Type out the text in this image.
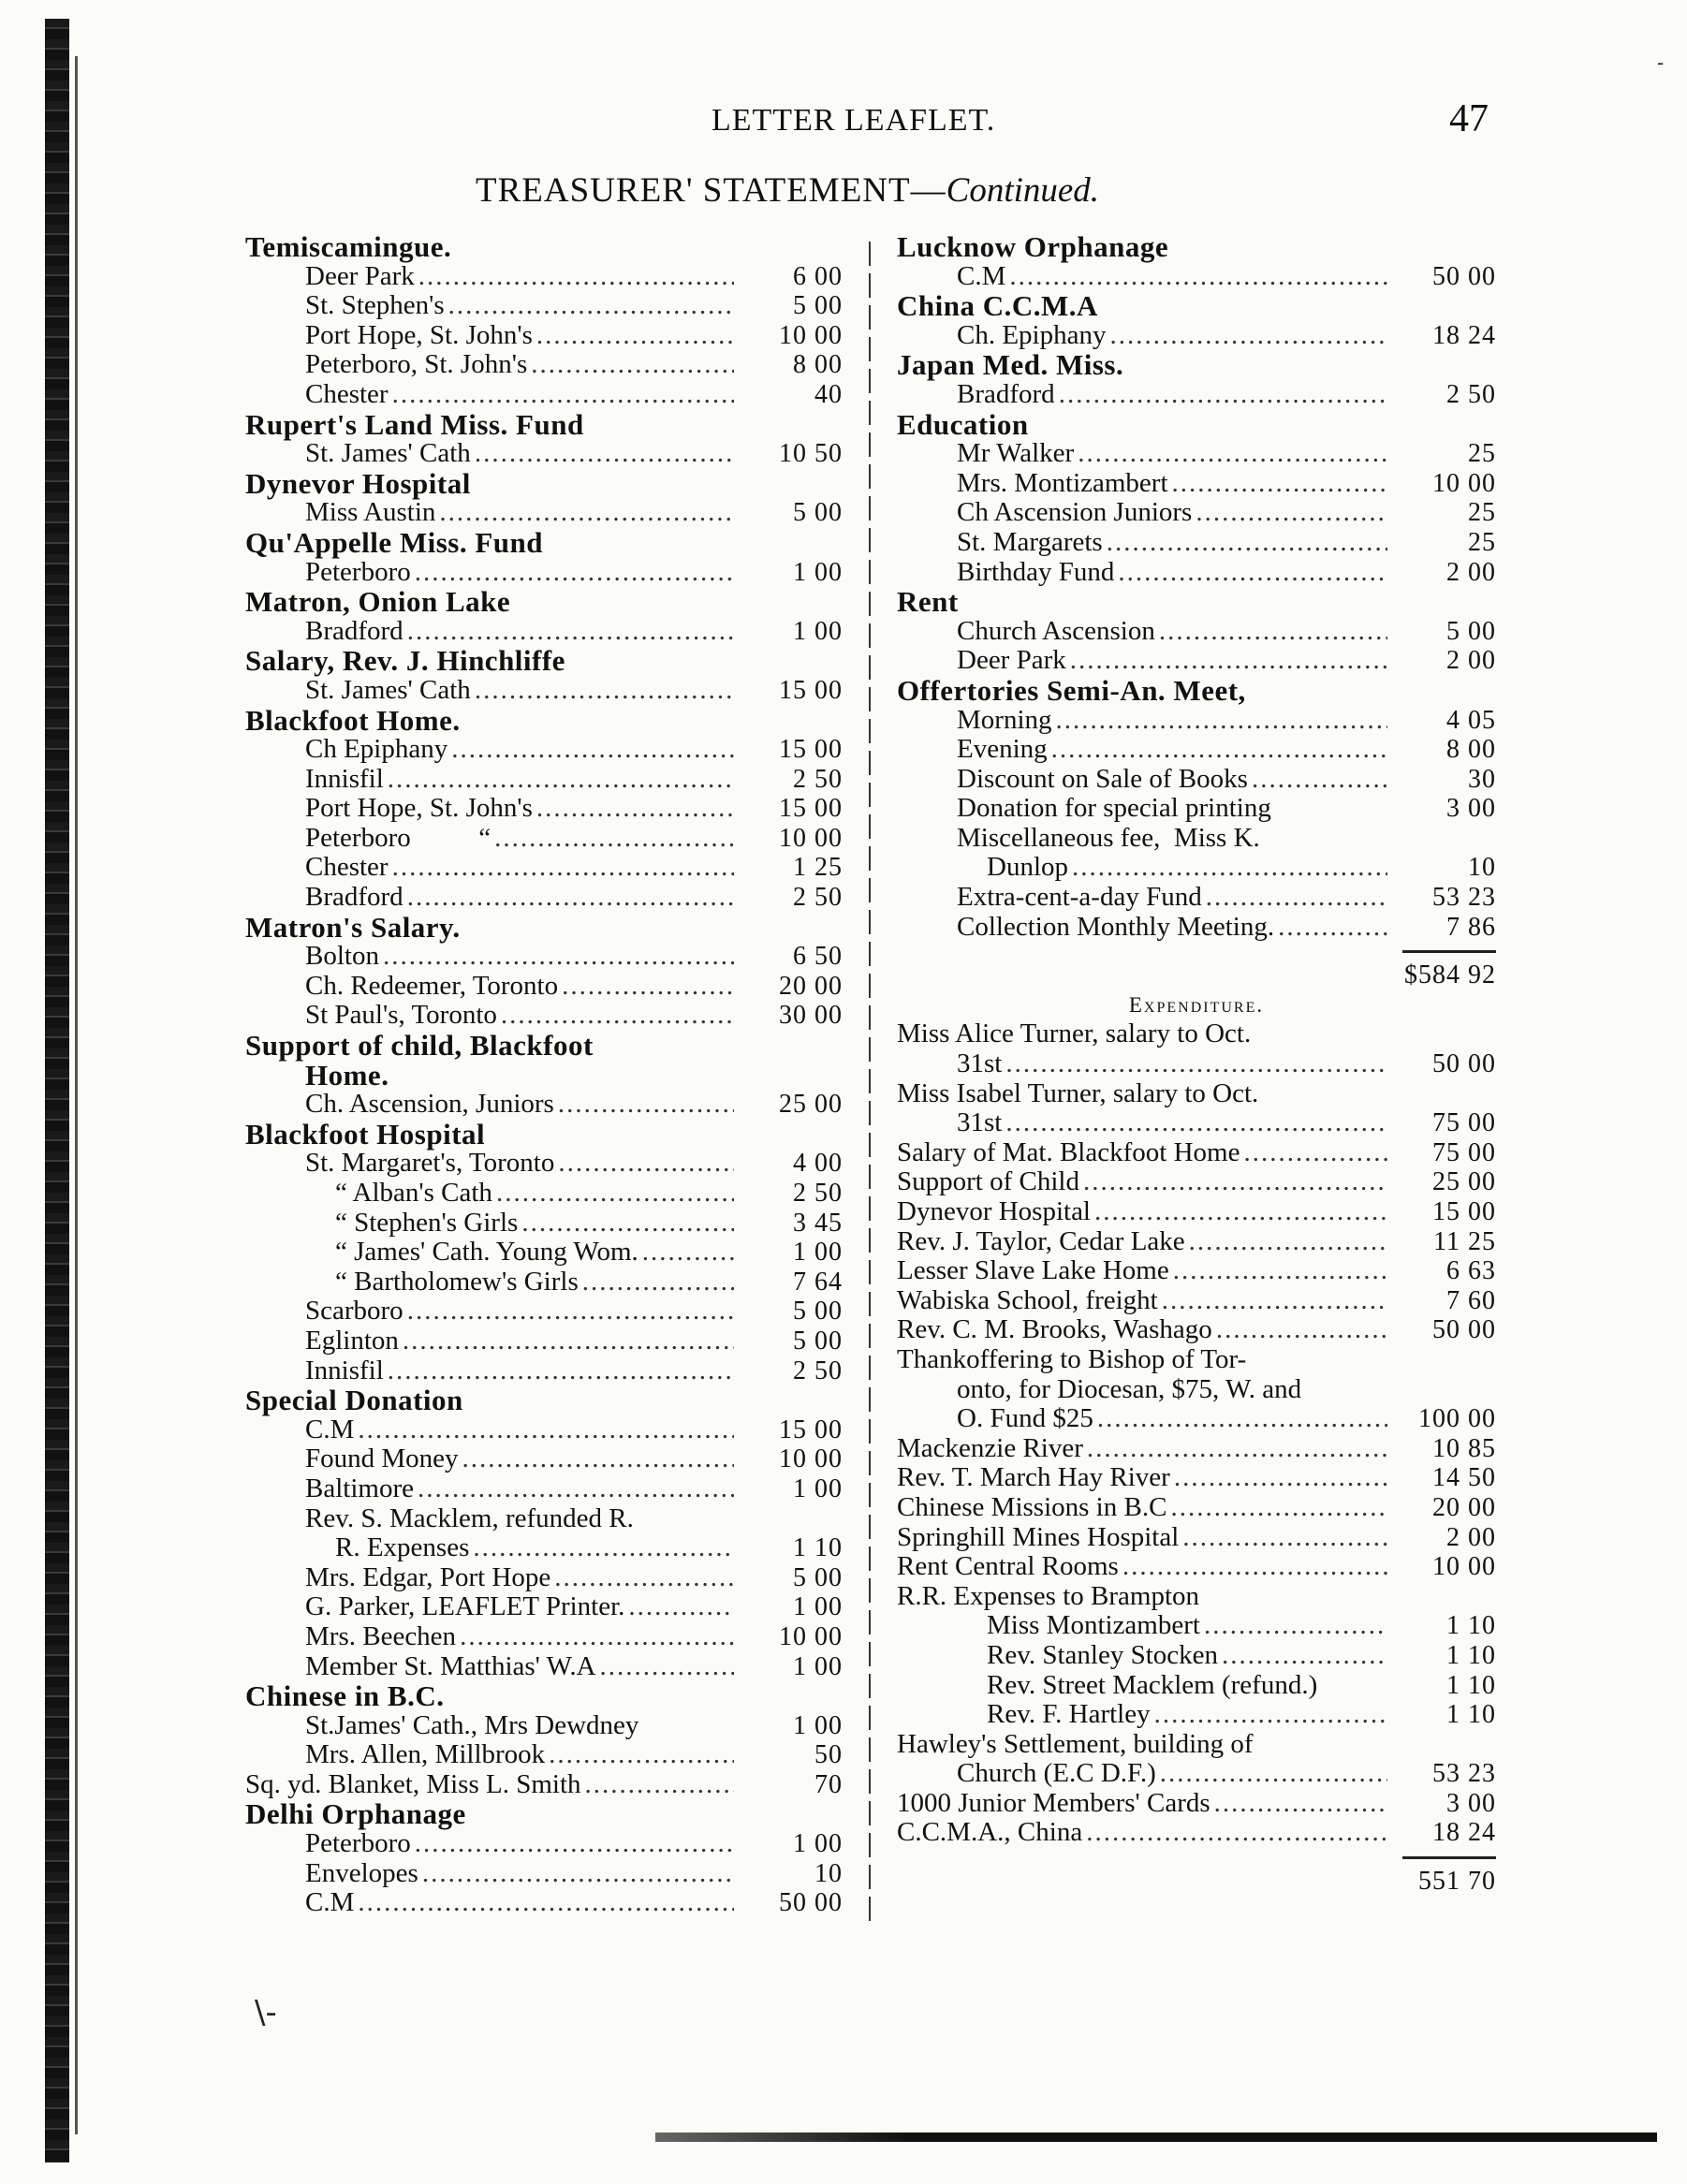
-
\-
LETTER LEAFLET.	47
TREASURER' STATEMENT—Continued.
Temiscamingue.
Deer Park .....	6 00
St. Stephen's .....	5 00
Port Hope, St. John's .....	10 00
Peterboro, St. John's .....	8 00
Chester .....	40
Rupert's Land Miss. Fund
St. James' Cath .....	10 50
Dynevor Hospital
Miss Austin .....	5 00
Qu'Appelle Miss. Fund
Peterboro .....	1 00
Matron, Onion Lake
Bradford .....	1 00
Salary, Rev. J. Hinchliffe
St. James' Cath .....	15 00
Blackfoot Home.
Ch Epiphany .....	15 00
Innisfil .....	2 50
Port Hope, St. John's .....	15 00
Peterboro          “ .....	10 00
Chester .....	1 25
Bradford .....	2 50
Matron's Salary.
Bolton .....	6 50
Ch. Redeemer, Toronto .....	20 00
St Paul's, Toronto .....	30 00
Support of child, Blackfoot
Home.
Ch. Ascension, Juniors .....	25 00
Blackfoot Hospital
St. Margaret's, Toronto .....	4 00
“ Alban's Cath .....	2 50
“ Stephen's Girls .....	3 45
“ James' Cath. Young Wom. .....	1 00
“ Bartholomew's Girls .....	7 64
Scarboro .....	5 00
Eglinton .....	5 00
Innisfil .....	2 50
Special Donation
C.M .....	15 00
Found Money .....	10 00
Baltimore .....	1 00
Rev. S. Macklem, refunded R.
R. Expenses .....	1 10
Mrs. Edgar, Port Hope .....	5 00
G. Parker, LEAFLET Printer. .....	1 00
Mrs. Beechen .....	10 00
Member St. Matthias' W.A .....	1 00
Chinese in B.C.
St.James' Cath., Mrs Dewdney	1 00
Mrs. Allen, Millbrook .....	50
Sq. yd. Blanket, Miss L. Smith .....	70
Delhi Orphanage
Peterboro .....	1 00
Envelopes .....	10
C.M .....	50 00
Lucknow Orphanage
C.M .....	50 00
China C.C.M.A
Ch. Epiphany .....	18 24
Japan Med. Miss.
Bradford .....	2 50
Education
Mr Walker .....	25
Mrs. Montizambert .....	10 00
Ch Ascension Juniors .....	25
St. Margarets .....	25
Birthday Fund .....	2 00
Rent
Church Ascension .....	5 00
Deer Park .....	2 00
Offertories Semi-An. Meet,
Morning .....	4 05
Evening .....	8 00
Discount on Sale of Books .....	30
Donation for special printing	3 00
Miscellaneous fee,  Miss K.
Dunlop .....	10
Extra-cent-a-day Fund .....	53 23
Collection Monthly Meeting. .....	7 86
$584 92
Expenditure.
Miss Alice Turner, salary to Oct.
31st .....	50 00
Miss Isabel Turner, salary to Oct.
31st .....	75 00
Salary of Mat. Blackfoot Home .....	75 00
Support of Child .....	25 00
Dynevor Hospital .....	15 00
Rev. J. Taylor, Cedar Lake .....	11 25
Lesser Slave Lake Home .....	6 63
Wabiska School, freight .....	7 60
Rev. C. M. Brooks, Washago .....	50 00
Thankoffering to Bishop of Tor-
onto, for Diocesan, $75, W. and
O. Fund $25 .....	100 00
Mackenzie River .....	10 85
Rev. T. March Hay River .....	14 50
Chinese Missions in B.C .....	20 00
Springhill Mines Hospital .....	2 00
Rent Central Rooms .....	10 00
R.R. Expenses to Brampton
Miss Montizambert .....	1 10
Rev. Stanley Stocken .....	1 10
Rev. Street Macklem (refund.)	1 10
Rev. F. Hartley .....	1 10
Hawley's Settlement, building of
Church (E.C D.F.) .....	53 23
1000 Junior Members' Cards .....	3 00
C.C.M.A., China .....	18 24
551 70
